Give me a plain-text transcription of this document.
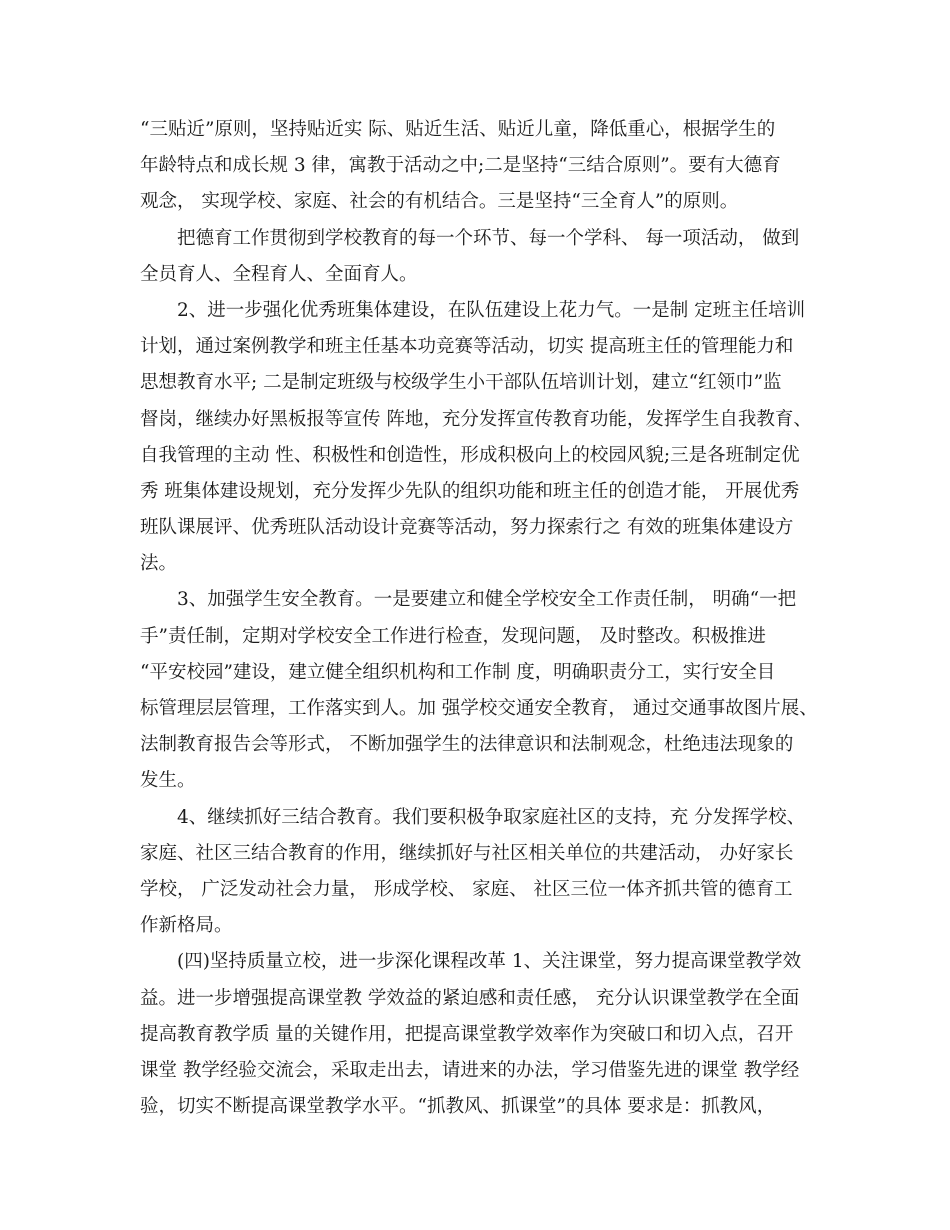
“三贴近”原则，坚持贴近实 际、贴近生活、贴近儿童，降低重心，根据学生的
年龄特点和成长规 3 律，寓教于活动之中;二是坚持“三结合原则”。要有大德育
观念， 实现学校、家庭、社会的有机结合。三是坚持“三全育人”的原则。
把德育工作贯彻到学校教育的每一个环节、每一个学科、 每一项活动， 做到
全员育人、全程育人、全面育人。
2、进一步强化优秀班集体建设，在队伍建设上花力气。一是制 定班主任培训
计划，通过案例教学和班主任基本功竞赛等活动，切实 提高班主任的管理能力和
思想教育水平; 二是制定班级与校级学生小干部队伍培训计划，建立“红领巾”监
督岗，继续办好黑板报等宣传 阵地，充分发挥宣传教育功能，发挥学生自我教育、
自我管理的主动 性、积极性和创造性，形成积极向上的校园风貌;三是各班制定优
秀 班集体建设规划，充分发挥少先队的组织功能和班主任的创造才能， 开展优秀
班队课展评、优秀班队活动设计竞赛等活动，努力探索行之 有效的班集体建设方
法。
3、加强学生安全教育。一是要建立和健全学校安全工作责任制， 明确“一把
手”责任制，定期对学校安全工作进行检查，发现问题， 及时整改。积极推进
“平安校园”建设，建立健全组织机构和工作制 度，明确职责分工，实行安全目
标管理层层管理，工作落实到人。加 强学校交通安全教育， 通过交通事故图片展、
法制教育报告会等形式， 不断加强学生的法律意识和法制观念，杜绝违法现象的
发生。
4、继续抓好三结合教育。我们要积极争取家庭社区的支持，充 分发挥学校、
家庭、社区三结合教育的作用，继续抓好与社区相关单位的共建活动， 办好家长
学校， 广泛发动社会力量， 形成学校、 家庭、 社区三位一体齐抓共管的德育工
作新格局。
(四)坚持质量立校，进一步深化课程改革 1、关注课堂，努力提高课堂教学效
益。进一步增强提高课堂教 学效益的紧迫感和责任感， 充分认识课堂教学在全面
提高教育教学质 量的关键作用，把提高课堂教学效率作为突破口和切入点，召开
课堂 教学经验交流会，采取走出去，请进来的办法，学习借鉴先进的课堂 教学经
验，切实不断提高课堂教学水平。“抓教风、抓课堂”的具体 要求是：抓教风，
